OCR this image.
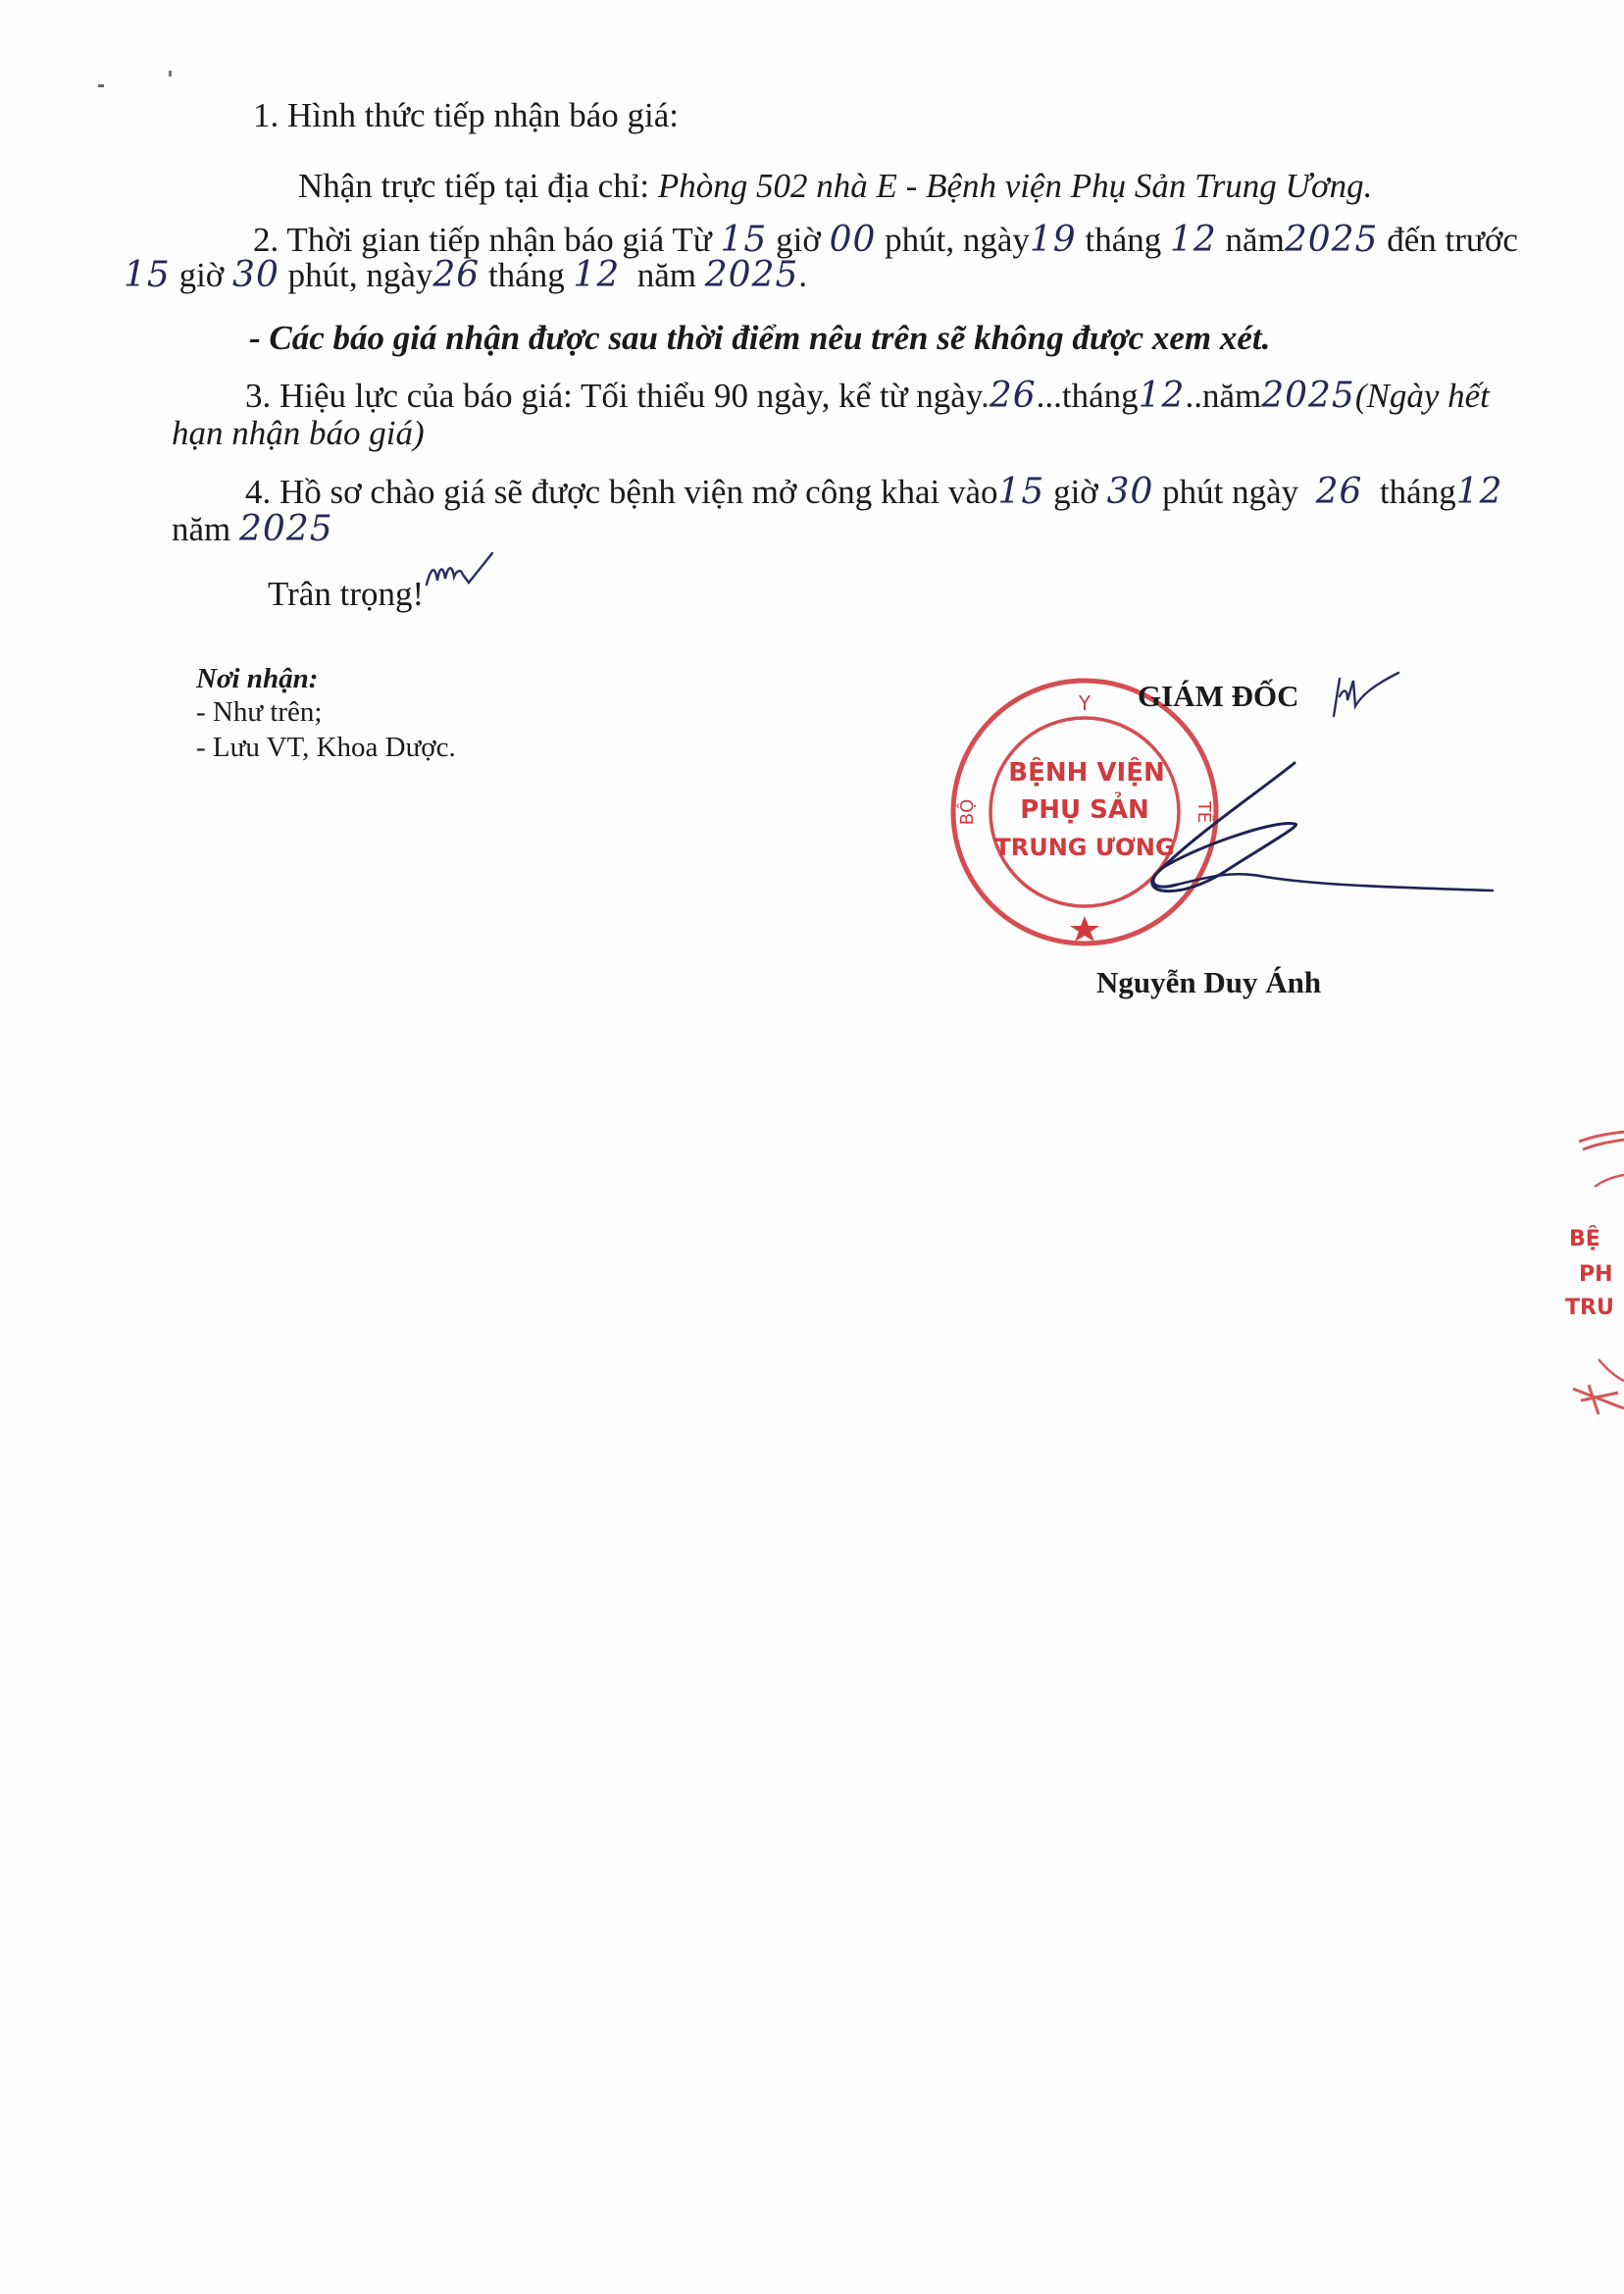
1. Hình thức tiếp nhận báo giá:
Nhận trực tiếp tại địa chỉ: Phòng 502 nhà E - Bệnh viện Phụ Sản Trung Ương.
2. Thời gian tiếp nhận báo giá Từ 15 giờ 00 phút, ngày19 tháng 12 năm2025 đến trước
15 giờ 30 phút, ngày26 tháng 12 năm 2025.
- Các báo giá nhận được sau thời điểm nêu trên sẽ không được xem xét.
3. Hiệu lực của báo giá: Tối thiểu 90 ngày, kể từ ngày.26...tháng12..năm2025(Ngày hết
hạn nhận báo giá)
4. Hồ sơ chào giá sẽ được bệnh viện mở công khai vào15 giờ 30 phút ngày 26 tháng12
năm 2025
Trân trọng!
Nơi nhận:
- Như trên;
- Lưu VT, Khoa Dược.
Y
BỘ	TẾ
BỆNH VIỆN
PHỤ SẢN
TRUNG ƯƠNG
GIÁM ĐỐC
Nguyễn Duy Ánh
BỆ
PH
TRU
